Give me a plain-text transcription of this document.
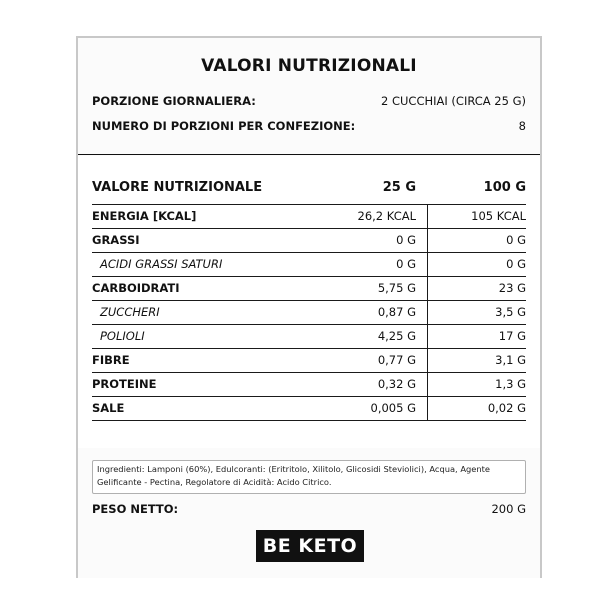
VALORI NUTRIZIONALI
PORZIONE GIORNALIERA:	2 CUCCHIAI (CIRCA 25 G)
NUMERO DI PORZIONI PER CONFEZIONE:	8
VALORE NUTRIZIONALE	25 G	100 G
ENERGIA [KCAL]	26,2 KCAL	105 KCAL
GRASSI	0 G	0 G
ACIDI GRASSI SATURI	0 G	0 G
CARBOIDRATI	5,75 G	23 G
ZUCCHERI	0,87 G	3,5 G
POLIOLI	4,25 G	17 G
FIBRE	0,77 G	3,1 G
PROTEINE	0,32 G	1,3 G
SALE	0,005 G	0,02 G
Ingredienti: Lamponi (60%), Edulcoranti: (Eritritolo, Xilitolo, Glicosidi Steviolici), Acqua, Agente Gelificante - Pectina, Regolatore di Acidità: Acido Citrico.
PESO NETTO:	200 G
BE KETO
